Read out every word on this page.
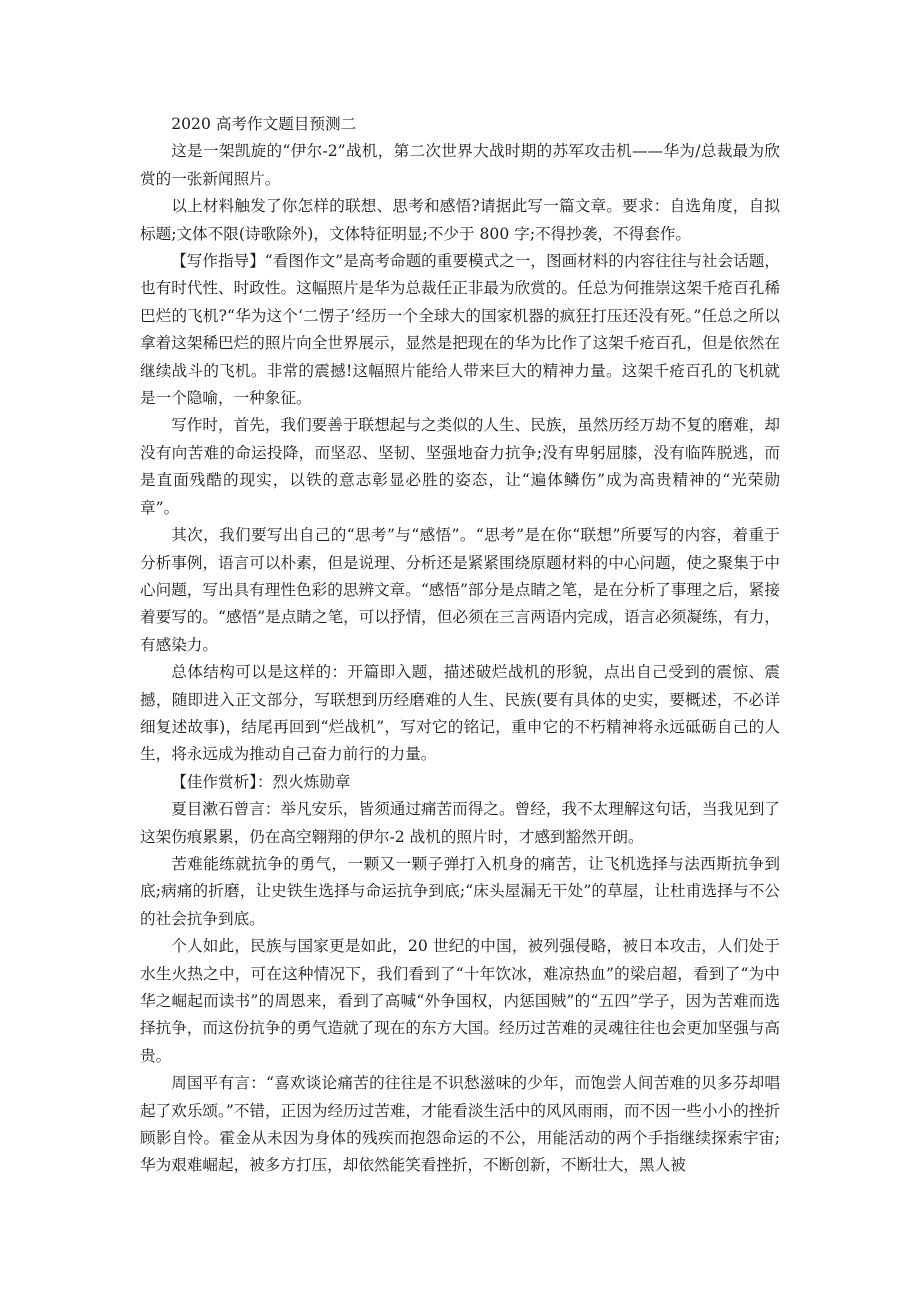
2020 高考作文题目预测二

这是一架凯旋的“伊尔-2”战机，第二次世界大战时期的苏军攻击机——华为/总裁最为欣赏的一张新闻照片。

以上材料触发了你怎样的联想、思考和感悟?请据此写一篇文章。要求：自选角度，自拟标题;文体不限(诗歌除外)，文体特征明显;不少于 800 字;不得抄袭，不得套作。

【写作指导】“看图作文”是高考命题的重要模式之一，图画材料的内容往往与社会话题，也有时代性、时政性。这幅照片是华为总裁任正非最为欣赏的。任总为何推崇这架千疮百孔稀巴烂的飞机?“华为这个‘二愣子’经历一个全球大的国家机器的疯狂打压还没有死。”任总之所以拿着这架稀巴烂的照片向全世界展示，显然是把现在的华为比作了这架千疮百孔，但是依然在继续战斗的飞机。非常的震撼!这幅照片能给人带来巨大的精神力量。这架千疮百孔的飞机就是一个隐喻，一种象征。

写作时，首先，我们要善于联想起与之类似的人生、民族，虽然历经万劫不复的磨难，却没有向苦难的命运投降，而坚忍、坚韧、坚强地奋力抗争;没有卑躬屈膝，没有临阵脱逃，而是直面残酷的现实，以铁的意志彰显必胜的姿态，让“遍体鳞伤”成为高贵精神的“光荣勋章”。

其次，我们要写出自己的“思考”与“感悟”。“思考”是在你“联想”所要写的内容，着重于分析事例，语言可以朴素，但是说理、分析还是紧紧围绕原题材料的中心问题，使之聚集于中心问题，写出具有理性色彩的思辨文章。“感悟”部分是点睛之笔，是在分析了事理之后，紧接着要写的。“感悟”是点睛之笔，可以抒情，但必须在三言两语内完成，语言必须凝练，有力，有感染力。

总体结构可以是这样的：开篇即入题，描述破烂战机的形貌，点出自己受到的震惊、震撼，随即进入正文部分，写联想到历经磨难的人生、民族(要有具体的史实，要概述，不必详细复述故事)，结尾再回到“烂战机”，写对它的铭记，重申它的不朽精神将永远砥砺自己的人生，将永远成为推动自己奋力前行的力量。

【佳作赏析】：烈火炼勋章

夏目漱石曾言：举凡安乐，皆须通过痛苦而得之。曾经，我不太理解这句话，当我见到了这架伤痕累累，仍在高空翱翔的伊尔-2 战机的照片时，才感到豁然开朗。

苦难能练就抗争的勇气，一颗又一颗子弹打入机身的痛苦，让飞机选择与法西斯抗争到底;病痛的折磨，让史铁生选择与命运抗争到底;“床头屋漏无干处”的草屋，让杜甫选择与不公的社会抗争到底。

个人如此，民族与国家更是如此，20 世纪的中国，被列强侵略，被日本攻击，人们处于水生火热之中，可在这种情况下，我们看到了“十年饮冰，难凉热血”的梁启超，看到了“为中华之崛起而读书”的周恩来，看到了高喊“外争国权，内惩国贼”的“五四”学子，因为苦难而选择抗争，而这份抗争的勇气造就了现在的东方大国。经历过苦难的灵魂往往也会更加坚强与高贵。

周国平有言：“喜欢谈论痛苦的往往是不识愁滋味的少年，而饱尝人间苦难的贝多芬却唱起了欢乐颂。”不错，正因为经历过苦难，才能看淡生活中的风风雨雨，而不因一些小小的挫折顾影自怜。霍金从未因为身体的残疾而抱怨命运的不公，用能活动的两个手指继续探索宇宙;华为艰难崛起，被多方打压，却依然能笑看挫折，不断创新，不断壮大，黑人被
